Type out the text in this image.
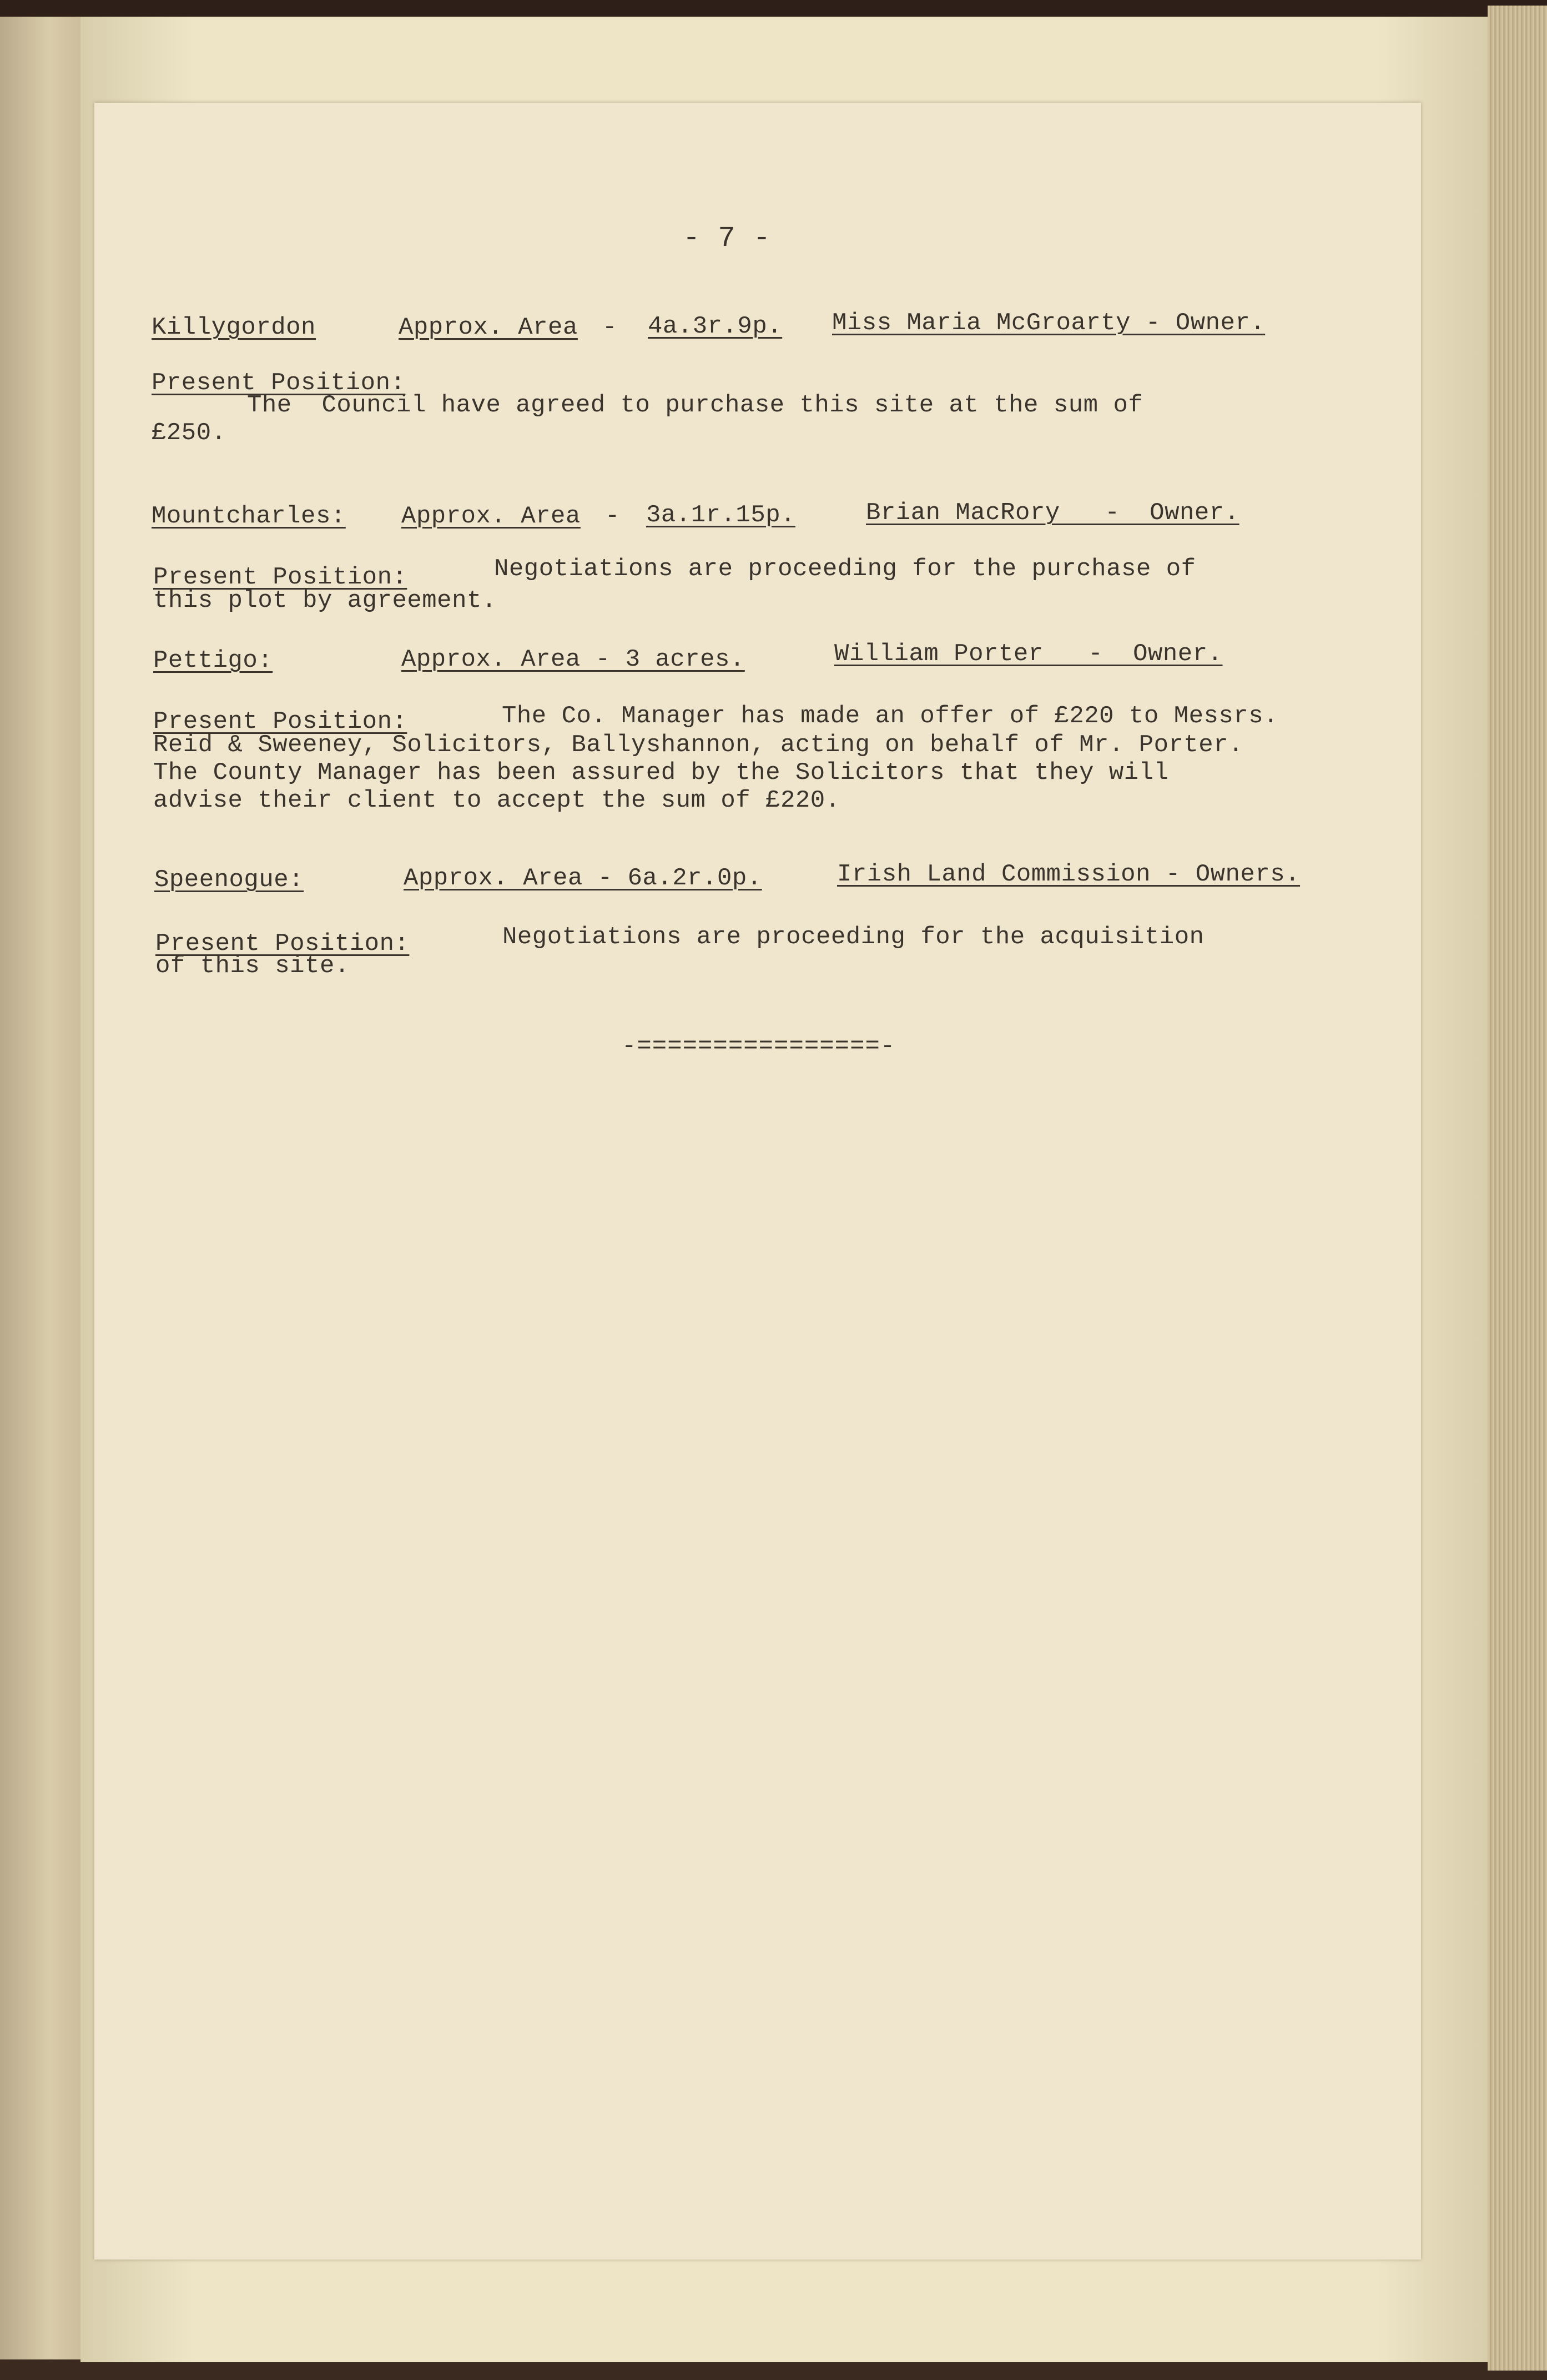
- 7 -
Killygordon	Approx. Area - 4a.3r.9p. Miss Maria McGroarty - Owner.
Present Position:
The  Council have agreed to purchase this site at the sum of
£250.
Mountcharles: Approx. Area - 3a.1r.15p.	Brian MacRory   -  Owner.
Present Position:	Negotiations are proceeding for the purchase of
this plot by agreement.
Pettigo:	Approx. Area - 3 acres.	William Porter   -  Owner.
Present Position:	The Co. Manager has made an offer of £220 to Messrs.
Reid & Sweeney, Solicitors, Ballyshannon, acting on behalf of Mr. Porter.
The County Manager has been assured by the Solicitors that they will
advise their client to accept the sum of £220.
Speenogue:	Approx. Area - 6a.2r.0p.	Irish Land Commission - Owners.
Present Position:	Negotiations are proceeding for the acquisition
of this site.
-================-
